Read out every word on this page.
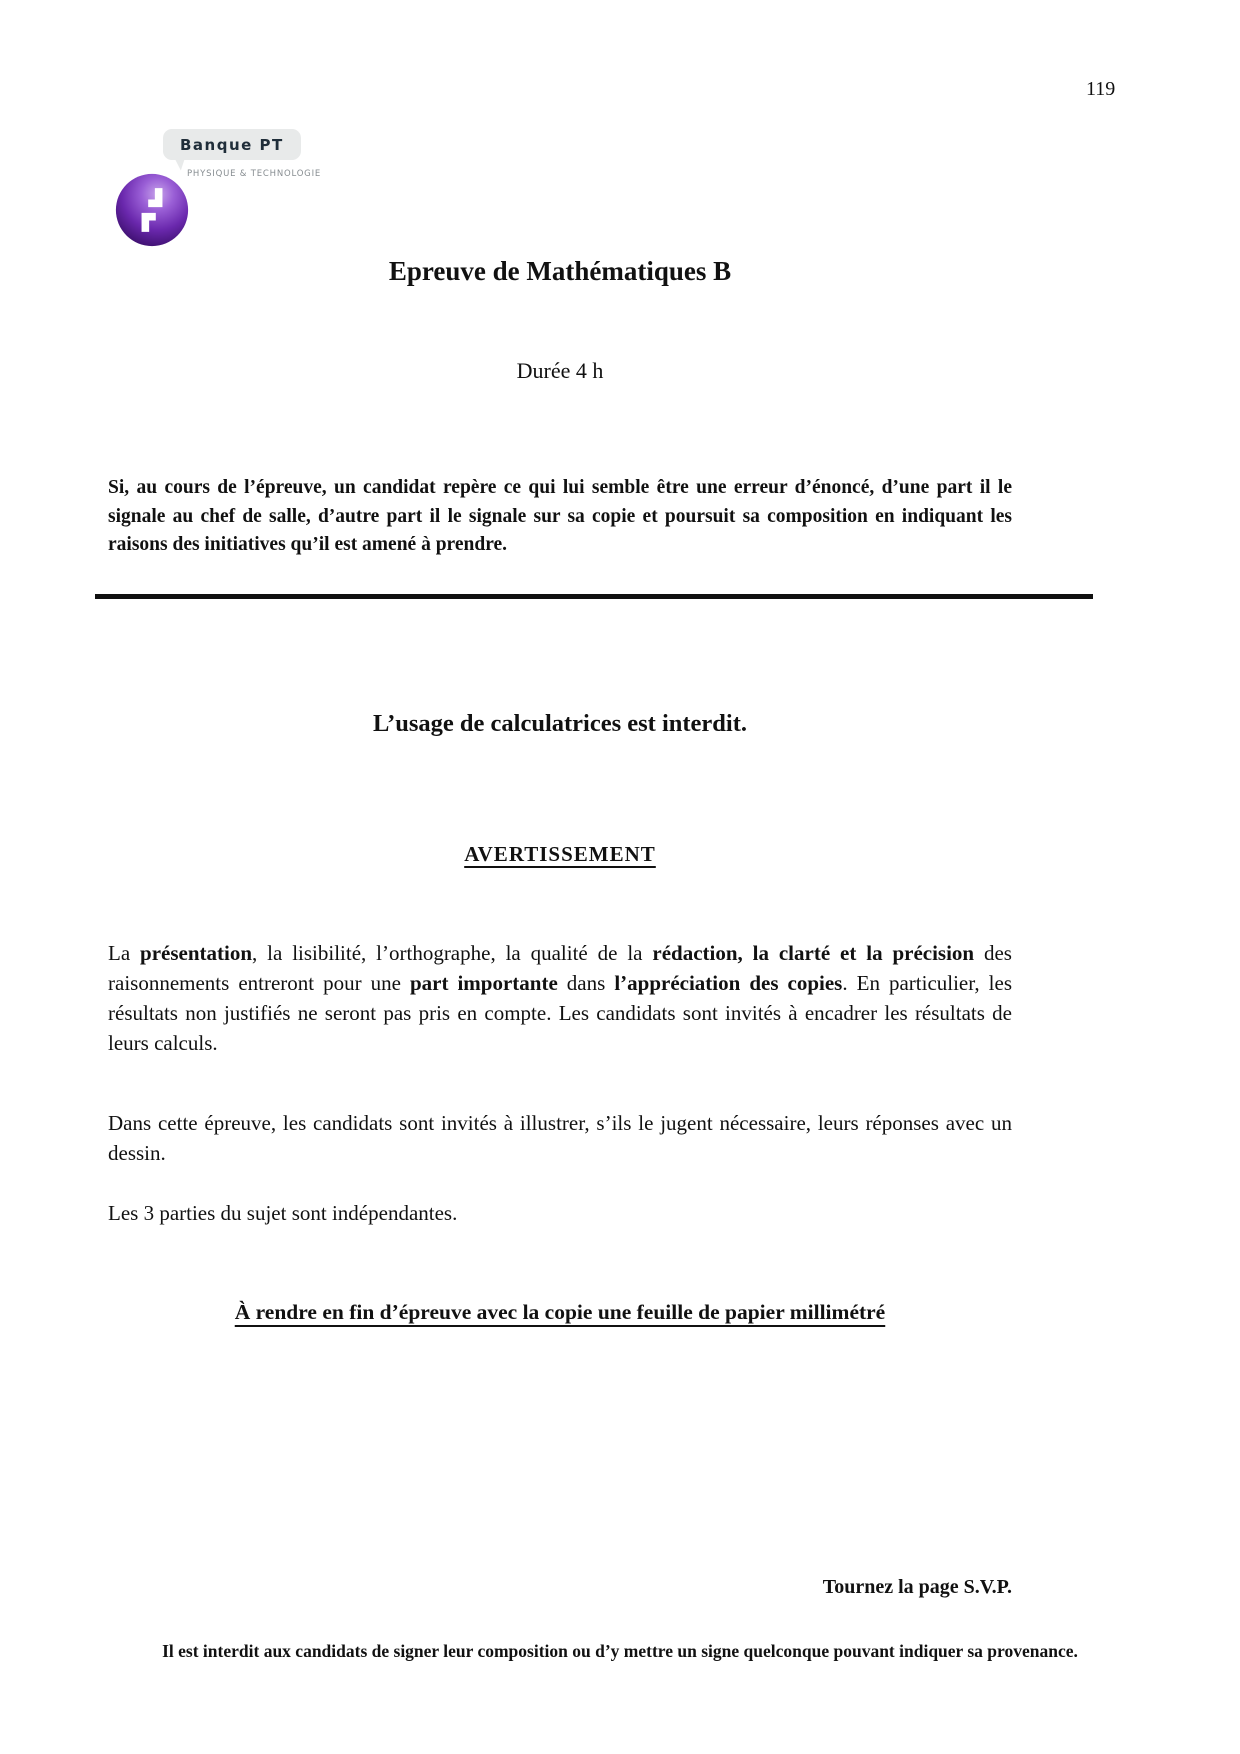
119
Banque PT
PHYSIQUE & TECHNOLOGIE
Epreuve de Mathématiques B
Durée 4 h

Si, au cours de l’épreuve, un candidat repère ce qui lui semble être une erreur d’énoncé, d’une part il le signale au chef de salle, d’autre part il le signale sur sa copie et poursuit sa composition en indiquant les raisons des initiatives qu’il est amené à prendre.

L’usage de calculatrices est interdit.
AVERTISSEMENT

La présentation, la lisibilité, l’orthographe, la qualité de la rédaction, la clarté et la précision des raisonnements entreront pour une part importante dans l’appréciation des copies. En particulier, les résultats non justifiés ne seront pas pris en compte. Les candidats sont invités à encadrer les résultats de leurs calculs.

Dans cette épreuve, les candidats sont invités à illustrer, s’ils le jugent nécessaire, leurs réponses avec un dessin.

Les 3 parties du sujet sont indépendantes.

À rendre en fin d’épreuve avec la copie une feuille de papier millimétré
Tournez la page S.V.P.
Il est interdit aux candidats de signer leur composition ou d’y mettre un signe quelconque pouvant indiquer sa provenance.
